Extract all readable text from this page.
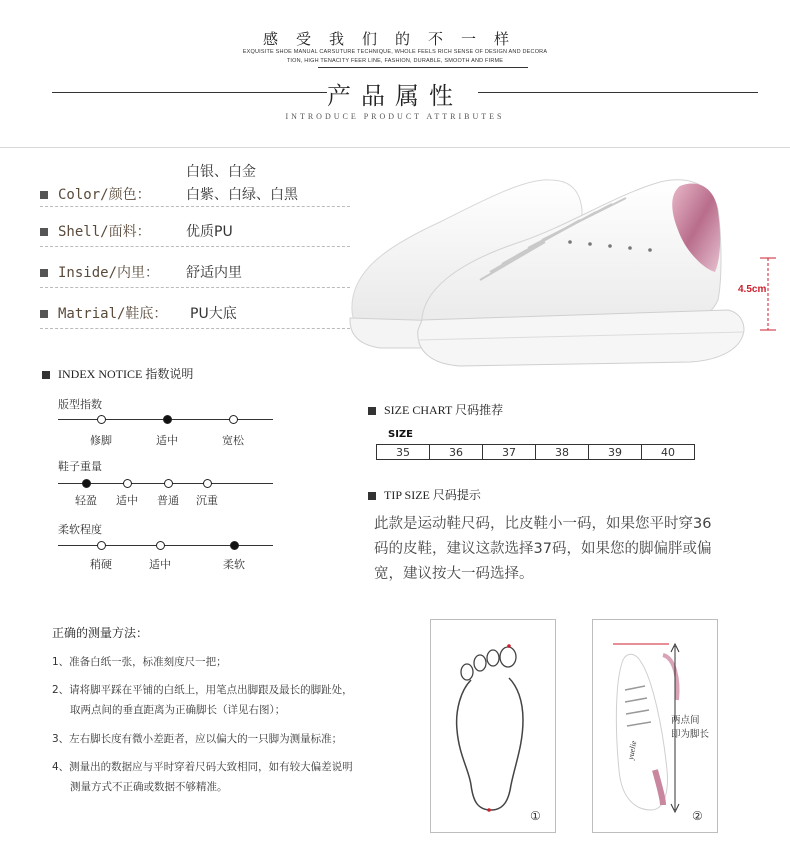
感受我们的不一样
EXQUISITE SHOE MANUAL CARSUTURE TECHNIQUE, WHOLE FEELS RICH SENSE OF DESIGN AND DECORA
TION, HIGH TENACITY FEER LINE, FASHION, DURABLE, SMOOTH AND FIRME
产品属性
INTRODUCE PRODUCT ATTRIBUTES
白银、白金
Color/颜色：	白紫、白绿、白黑
Shell/面料：	优质PU
Inside/内里： 舒适内里
Matrial/鞋底： PU大底
4.5cm
INDEX NOTICE 指数说明
版型指数
修脚	适中	宽松
鞋子重量
轻盈	适中	普通	沉重
柔软程度
稍硬	适中	柔软
SIZE CHART 尺码推荐
SIZE
35	36	37	38	39	40
TIP SIZE 尺码提示
此款是运动鞋尺码，比皮鞋小一码，如果您平时穿36码的皮鞋，建议这款选择37码，如果您的脚偏胖或偏宽，建议按大一码选择。
正确的测量方法：
1、准备白纸一张，标准刻度尺一把；
2、请将脚平踩在平铺的白纸上，用笔点出脚跟及最长的脚趾处，
取两点间的垂直距离为正确脚长（详见右图）；
3、左右脚长度有微小差距者，应以偏大的一只脚为测量标准；
4、测量出的数据应与平时穿着尺码大致相同，如有较大偏差说明
测量方式不正确或数据不够精准。
①
yuelie
两点间
即为脚长
②
